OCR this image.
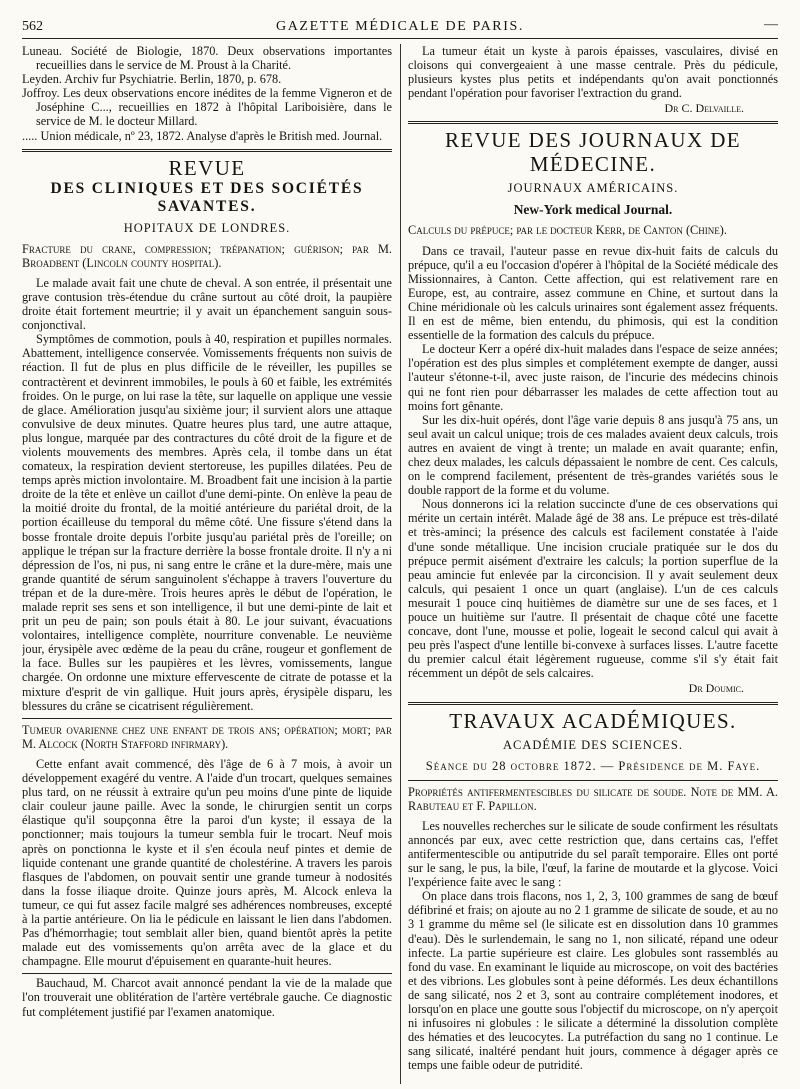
562	GAZETTE MÉDICALE DE PARIS.	—

Luneau. Société de Biologie, 1870. Deux observations importantes recueillies dans le service de M. Proust à la Charité.

Leyden. Archiv fur Psychiatrie. Berlin, 1870, p. 678.

Joffroy. Les deux observations encore inédites de la femme Vigneron et de Joséphine C..., recueillies en 1872 à l'hôpital Lariboisière, dans le service de M. le docteur Millard.

..... Union médicale, nº 23, 1872. Analyse d'après le British med. Journal.

REVUE
DES CLINIQUES ET DES SOCIÉTÉS SAVANTES.
HOPITAUX DE LONDRES.

Fracture du crane, compression; trépanation; guérison; par M. Broadbent (Lincoln county hospital).

Le malade avait fait une chute de cheval. A son entrée, il présentait une grave contusion très-étendue du crâne surtout au côté droit, la paupière droite était fortement meurtrie; il y avait un épanchement sanguin sous-conjonctival.

Symptômes de commotion, pouls à 40, respiration et pupilles normales. Abattement, intelligence conservée. Vomissements fréquents non suivis de réaction. Il fut de plus en plus difficile de le réveiller, les pupilles se contractèrent et devinrent immobiles, le pouls à 60 et faible, les extrémités froides. On le purge, on lui rase la tête, sur laquelle on applique une vessie de glace. Amélioration jusqu'au sixième jour; il survient alors une attaque convulsive de deux minutes. Quatre heures plus tard, une autre attaque, plus longue, marquée par des contractures du côté droit de la figure et de violents mouvements des membres. Après cela, il tombe dans un état comateux, la respiration devient stertoreuse, les pupilles dilatées. Peu de temps après miction involontaire. M. Broadbent fait une incision à la partie droite de la tête et enlève un caillot d'une demi-pinte. On enlève la peau de la moitié droite du frontal, de la moitié antérieure du pariétal droit, de la portion écailleuse du temporal du même côté. Une fissure s'étend dans la bosse frontale droite depuis l'orbite jusqu'au pariétal près de l'oreille; on applique le trépan sur la fracture derrière la bosse frontale droite. Il n'y a ni dépression de l'os, ni pus, ni sang entre le crâne et la dure-mère, mais une grande quantité de sérum sanguinolent s'échappe à travers l'ouverture du trépan et de la dure-mère. Trois heures après le début de l'opération, le malade reprit ses sens et son intelligence, il but une demi-pinte de lait et prit un peu de pain; son pouls était à 80. Le jour suivant, évacuations volontaires, intelligence complète, nourriture convenable. Le neuvième jour, érysipèle avec œdème de la peau du crâne, rougeur et gonflement de la face. Bulles sur les paupières et les lèvres, vomissements, langue chargée. On ordonne une mixture effervescente de citrate de potasse et la mixture d'esprit de vin gallique. Huit jours après, érysipèle disparu, les blessures du crâne se cicatrisent régulièrement.

Tumeur ovarienne chez une enfant de trois ans; opération; mort; par M. Alcock (North Stafford infirmary).

Cette enfant avait commencé, dès l'âge de 6 à 7 mois, à avoir un développement exagéré du ventre. A l'aide d'un trocart, quelques semaines plus tard, on ne réussit à extraire qu'un peu moins d'une pinte de liquide clair couleur jaune paille. Avec la sonde, le chirurgien sentit un corps élastique qu'il soupçonna être la paroi d'un kyste; il essaya de la ponctionner; mais toujours la tumeur sembla fuir le trocart. Neuf mois après on ponctionna le kyste et il s'en écoula neuf pintes et demie de liquide contenant une grande quantité de cholestérine. A travers les parois flasques de l'abdomen, on pouvait sentir une grande tumeur à nodosités dans la fosse iliaque droite. Quinze jours après, M. Alcock enleva la tumeur, ce qui fut assez facile malgré ses adhérences nombreuses, excepté à la partie antérieure. On lia le pédicule en laissant le lien dans l'abdomen. Pas d'hémorrhagie; tout semblait aller bien, quand bientôt après la petite malade eut des vomissements qu'on arrêta avec de la glace et du champagne. Elle mourut d'épuisement en quarante-huit heures.

Bauchaud, M. Charcot avait annoncé pendant la vie de la malade que l'on trouverait une oblitération de l'artère vertébrale gauche. Ce diagnostic fut complétement justifié par l'examen anatomique.

La tumeur était un kyste à parois épaisses, vasculaires, divisé en cloisons qui convergeaient à une masse centrale. Près du pédicule, plusieurs kystes plus petits et indépendants qu'on avait ponctionnés pendant l'opération pour favoriser l'extraction du grand.

Dr C. Delvaille.

REVUE DES JOURNAUX DE MÉDECINE.
JOURNAUX AMÉRICAINS.
New-York medical Journal.

Calculs du prépuce; par le docteur Kerr, de Canton (Chine).

Dans ce travail, l'auteur passe en revue dix-huit faits de calculs du prépuce, qu'il a eu l'occasion d'opérer à l'hôpital de la Société médicale des Missionnaires, à Canton. Cette affection, qui est relativement rare en Europe, est, au contraire, assez commune en Chine, et surtout dans la Chine méridionale où les calculs urinaires sont également assez fréquents. Il en est de même, bien entendu, du phimosis, qui est la condition essentielle de la formation des calculs du prépuce.

Le docteur Kerr a opéré dix-huit malades dans l'espace de seize années; l'opération est des plus simples et complétement exempte de danger, aussi l'auteur s'étonne-t-il, avec juste raison, de l'incurie des médecins chinois qui ne font rien pour débarrasser les malades de cette affection tout au moins fort gênante.

Sur les dix-huit opérés, dont l'âge varie depuis 8 ans jusqu'à 75 ans, un seul avait un calcul unique; trois de ces malades avaient deux calculs, trois autres en avaient de vingt à trente; un malade en avait quarante; enfin, chez deux malades, les calculs dépassaient le nombre de cent. Ces calculs, on le comprend facilement, présentent de très-grandes variétés sous le double rapport de la forme et du volume.

Nous donnerons ici la relation succincte d'une de ces observations qui mérite un certain intérêt. Malade âgé de 38 ans. Le prépuce est très-dilaté et très-aminci; la présence des calculs est facilement constatée à l'aide d'une sonde métallique. Une incision cruciale pratiquée sur le dos du prépuce permit aisément d'extraire les calculs; la portion superflue de la peau amincie fut enlevée par la circoncision. Il y avait seulement deux calculs, qui pesaient 1 once un quart (anglaise). L'un de ces calculs mesurait 1 pouce cinq huitièmes de diamètre sur une de ses faces, et 1 pouce un huitième sur l'autre. Il présentait de chaque côté une facette concave, dont l'une, mousse et polie, logeait le second calcul qui avait à peu près l'aspect d'une lentille bi-convexe à surfaces lisses. L'autre facette du premier calcul était légèrement rugueuse, comme s'il s'y était fait récemment un dépôt de sels calcaires.

Dr Doumic.

TRAVAUX ACADÉMIQUES.
ACADÉMIE DES SCIENCES.
Séance du 28 octobre 1872. — Présidence de M. Faye.

Propriétés antifermentescibles du silicate de soude. Note de MM. A. Rabuteau et F. Papillon.

Les nouvelles recherches sur le silicate de soude confirment les résultats annoncés par eux, avec cette restriction que, dans certains cas, l'effet antifermentescible ou antiputride du sel paraît temporaire. Elles ont porté sur le sang, le pus, la bile, l'œuf, la farine de moutarde et la glycose. Voici l'expérience faite avec le sang :

On place dans trois flacons, nos 1, 2, 3, 100 grammes de sang de bœuf défibriné et frais; on ajoute au no 2 1 gramme de silicate de soude, et au no 3 1 gramme du même sel (le silicate est en dissolution dans 10 grammes d'eau). Dès le surlendemain, le sang no 1, non silicaté, répand une odeur infecte. La partie supérieure est claire. Les globules sont rassemblés au fond du vase. En examinant le liquide au microscope, on voit des bactéries et des vibrions. Les globules sont à peine déformés. Les deux échantillons de sang silicaté, nos 2 et 3, sont au contraire complétement inodores, et lorsqu'on en place une goutte sous l'objectif du microscope, on n'y aperçoit ni infusoires ni globules : le silicate a déterminé la dissolution complète des hématies et des leucocytes. La putréfaction du sang no 1 continue. Le sang silicaté, inaltéré pendant huit jours, commence à dégager après ce temps une faible odeur de putridité.
